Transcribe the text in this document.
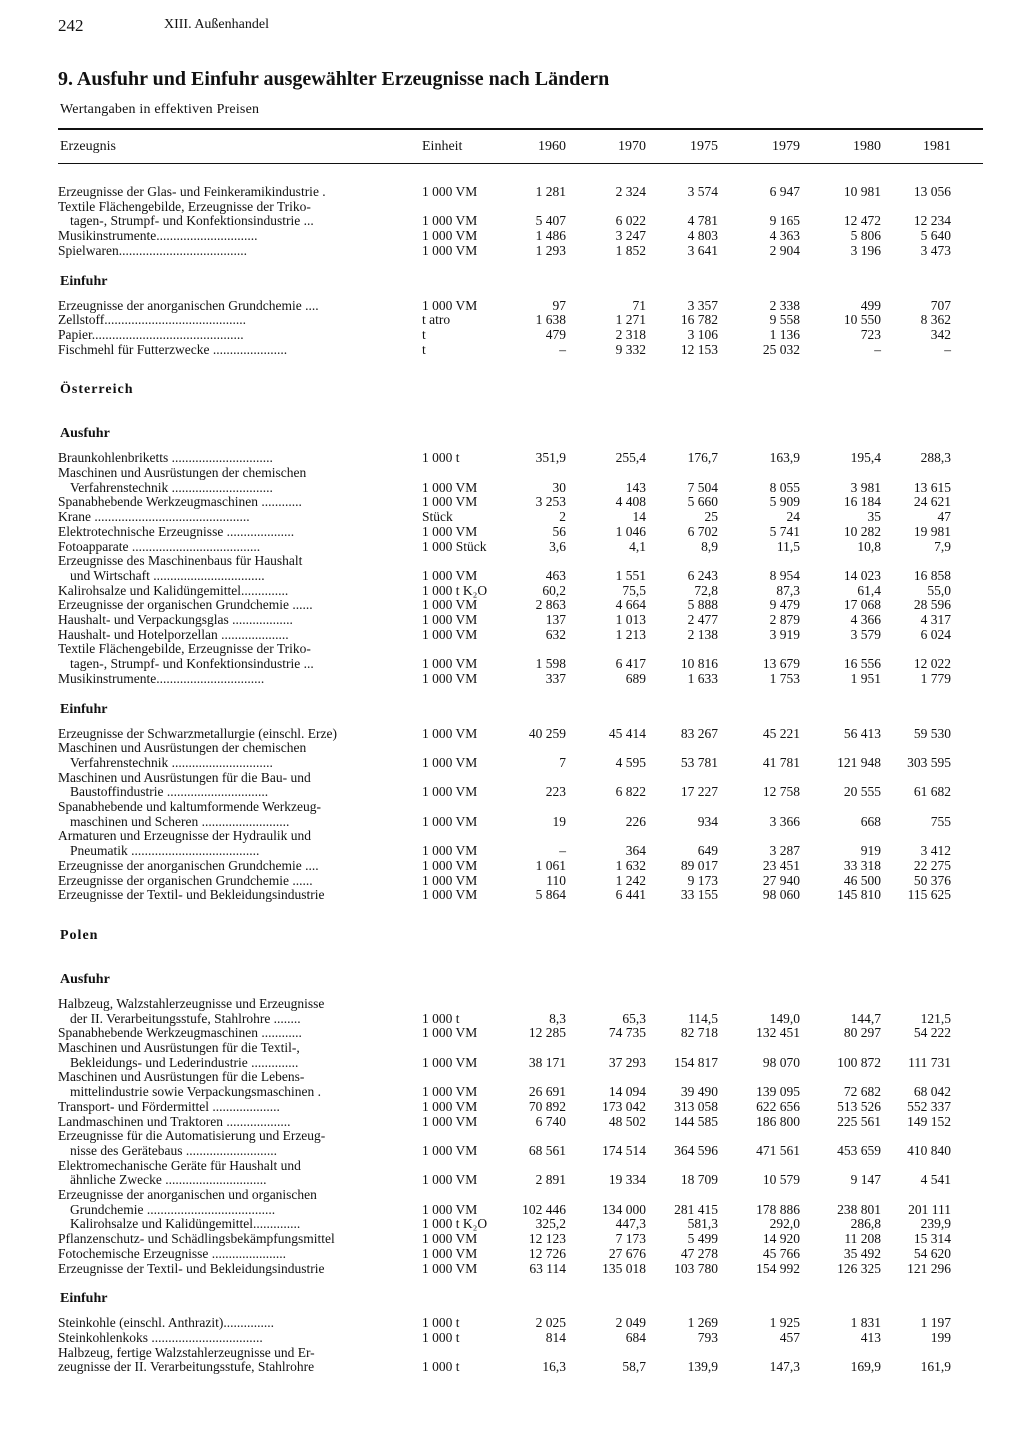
242	XIII. Außenhandel
9. Ausfuhr und Einfuhr ausgewählter Erzeugnisse nach Ländern
Wertangaben in effektiven Preisen
Erzeugnis	Einheit	1960	1970	1975	1979	1980	1981
Erzeugnisse der Glas- und Feinkeramikindustrie .	1 000 VM	1 281	2 324	3 574	6 947	10 981	13 056
Textile Flächengebilde, Erzeugnisse der Triko-
tagen-, Strumpf- und Konfektionsindustrie ...	1 000 VM	5 407	6 022	4 781	9 165	12 472	12 234
Musikinstrumente..............................	1 000 VM	1 486	3 247	4 803	4 363	5 806	5 640
Spielwaren......................................	1 000 VM	1 293	1 852	3 641	2 904	3 196	3 473
Einfuhr
Erzeugnisse der anorganischen Grundchemie ....	1 000 VM	97	71	3 357	2 338	499	707
Zellstoff..........................................	t atro	1 638	1 271	16 782	9 558	10 550	8 362
Papier.............................................	t	479	2 318	3 106	1 136	723	342
Fischmehl für Futterzwecke ......................	t	–	9 332	12 153	25 032	–	–
Österreich
Ausfuhr
Braunkohlenbriketts ..............................	1 000 t	351,9	255,4	176,7	163,9	195,4	288,3
Maschinen und Ausrüstungen der chemischen
Verfahrenstechnik ..............................	1 000 VM	30	143	7 504	8 055	3 981	13 615
Spanabhebende Werkzeugmaschinen ............	1 000 VM	3 253	4 408	5 660	5 909	16 184	24 621
Krane ..............................................	Stück	2	14	25	24	35	47
Elektrotechnische Erzeugnisse ....................	1 000 VM	56	1 046	6 702	5 741	10 282	19 981
Fotoapparate ......................................	1 000 Stück	3,6	4,1	8,9	11,5	10,8	7,9
Erzeugnisse des Maschinenbaus für Haushalt
und Wirtschaft .................................	1 000 VM	463	1 551	6 243	8 954	14 023	16 858
Kalirohsalze und Kalidüngemittel..............	1 000 t K₂O	60,2	75,5	72,8	87,3	61,4	55,0
Erzeugnisse der organischen Grundchemie ......	1 000 VM	2 863	4 664	5 888	9 479	17 068	28 596
Haushalt- und Verpackungsglas ..................	1 000 VM	137	1 013	2 477	2 879	4 366	4 317
Haushalt- und Hotelporzellan ....................	1 000 VM	632	1 213	2 138	3 919	3 579	6 024
Textile Flächengebilde, Erzeugnisse der Triko-
tagen-, Strumpf- und Konfektionsindustrie ...	1 000 VM	1 598	6 417	10 816	13 679	16 556	12 022
Musikinstrumente................................	1 000 VM	337	689	1 633	1 753	1 951	1 779
Einfuhr
Erzeugnisse der Schwarzmetallurgie (einschl. Erze)	1 000 VM	40 259	45 414	83 267	45 221	56 413	59 530
Maschinen und Ausrüstungen der chemischen
Verfahrenstechnik ..............................	1 000 VM	7	4 595	53 781	41 781	121 948	303 595
Maschinen und Ausrüstungen für die Bau- und
Baustoffindustrie ..............................	1 000 VM	223	6 822	17 227	12 758	20 555	61 682
Spanabhebende und kaltumformende Werkzeug-
maschinen und Scheren ..........................	1 000 VM	19	226	934	3 366	668	755
Armaturen und Erzeugnisse der Hydraulik und
Pneumatik ......................................	1 000 VM	–	364	649	3 287	919	3 412
Erzeugnisse der anorganischen Grundchemie ....	1 000 VM	1 061	1 632	89 017	23 451	33 318	22 275
Erzeugnisse der organischen Grundchemie ......	1 000 VM	110	1 242	9 173	27 940	46 500	50 376
Erzeugnisse der Textil- und Bekleidungsindustrie	1 000 VM	5 864	6 441	33 155	98 060	145 810	115 625
Polen
Ausfuhr
Halbzeug, Walzstahlerzeugnisse und Erzeugnisse
der II. Verarbeitungsstufe, Stahlrohre ........	1 000 t	8,3	65,3	114,5	149,0	144,7	121,5
Spanabhebende Werkzeugmaschinen ............	1 000 VM	12 285	74 735	82 718	132 451	80 297	54 222
Maschinen und Ausrüstungen für die Textil-,
Bekleidungs- und Lederindustrie ..............	1 000 VM	38 171	37 293	154 817	98 070	100 872	111 731
Maschinen und Ausrüstungen für die Lebens-
mittelindustrie sowie Verpackungsmaschinen .	1 000 VM	26 691	14 094	39 490	139 095	72 682	68 042
Transport- und Fördermittel ....................	1 000 VM	70 892	173 042	313 058	622 656	513 526	552 337
Landmaschinen und Traktoren ...................	1 000 VM	6 740	48 502	144 585	186 800	225 561	149 152
Erzeugnisse für die Automatisierung und Erzeug-
nisse des Gerätebaus ...........................	1 000 VM	68 561	174 514	364 596	471 561	453 659	410 840
Elektromechanische Geräte für Haushalt und
ähnliche Zwecke ..............................	1 000 VM	2 891	19 334	18 709	10 579	9 147	4 541
Erzeugnisse der anorganischen und organischen
Grundchemie ......................................	1 000 VM	102 446	134 000	281 415	178 886	238 801	201 111
Kalirohsalze und Kalidüngemittel..............	1 000 t K₂O	325,2	447,3	581,3	292,0	286,8	239,9
Pflanzenschutz- und Schädlingsbekämpfungsmittel	1 000 VM	12 123	7 173	5 499	14 920	11 208	15 314
Fotochemische Erzeugnisse ......................	1 000 VM	12 726	27 676	47 278	45 766	35 492	54 620
Erzeugnisse der Textil- und Bekleidungsindustrie	1 000 VM	63 114	135 018	103 780	154 992	126 325	121 296
Einfuhr
Steinkohle (einschl. Anthrazit)...............	1 000 t	2 025	2 049	1 269	1 925	1 831	1 197
Steinkohlenkoks .................................	1 000 t	814	684	793	457	413	199
Halbzeug, fertige Walzstahlerzeugnisse und Er-
zeugnisse der II. Verarbeitungsstufe, Stahlrohre	1 000 t	16,3	58,7	139,9	147,3	169,9	161,9
